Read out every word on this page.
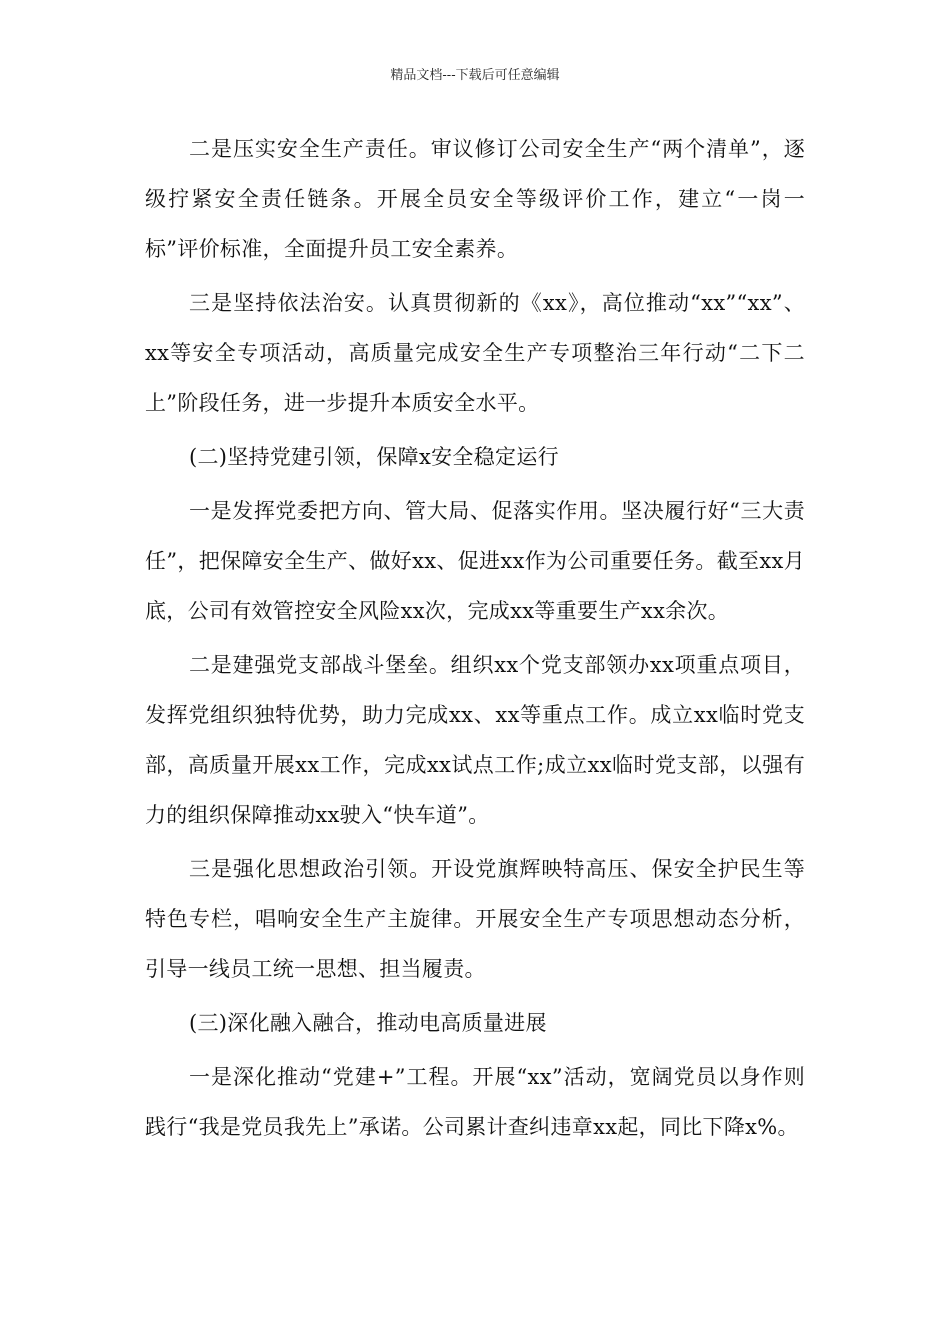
精品文档---下载后可任意编辑

二是压实安全生产责任。审议修订公司安全生产“两个清单”，逐级拧紧安全责任链条。开展全员安全等级评价工作，建立“一岗一标”评价标准，全面提升员工安全素养。

三是坚持依法治安。认真贯彻新的《xx》，高位推动“xx”“xx”、xx等安全专项活动，高质量完成安全生产专项整治三年行动“二下二上”阶段任务，进一步提升本质安全水平。

(二)坚持党建引领，保障x安全稳定运行

一是发挥党委把方向、管大局、促落实作用。坚决履行好“三大责任”，把保障安全生产、做好xx、促进xx作为公司重要任务。截至xx月底，公司有效管控安全风险xx次，完成xx等重要生产xx余次。

二是建强党支部战斗堡垒。组织xx个党支部领办xx项重点项目，发挥党组织独特优势，助力完成xx、xx等重点工作。成立xx临时党支部，高质量开展xx工作，完成xx试点工作;成立xx临时党支部，以强有力的组织保障推动xx驶入“快车道”。

三是强化思想政治引领。开设党旗辉映特高压、保安全护民生等特色专栏，唱响安全生产主旋律。开展安全生产专项思想动态分析，引导一线员工统一思想、担当履责。

(三)深化融入融合，推动电高质量进展

一是深化推动“党建+”工程。开展“xx”活动，宽阔党员以身作则践行“我是党员我先上”承诺。公司累计查纠违章xx起，同比下降x%。
